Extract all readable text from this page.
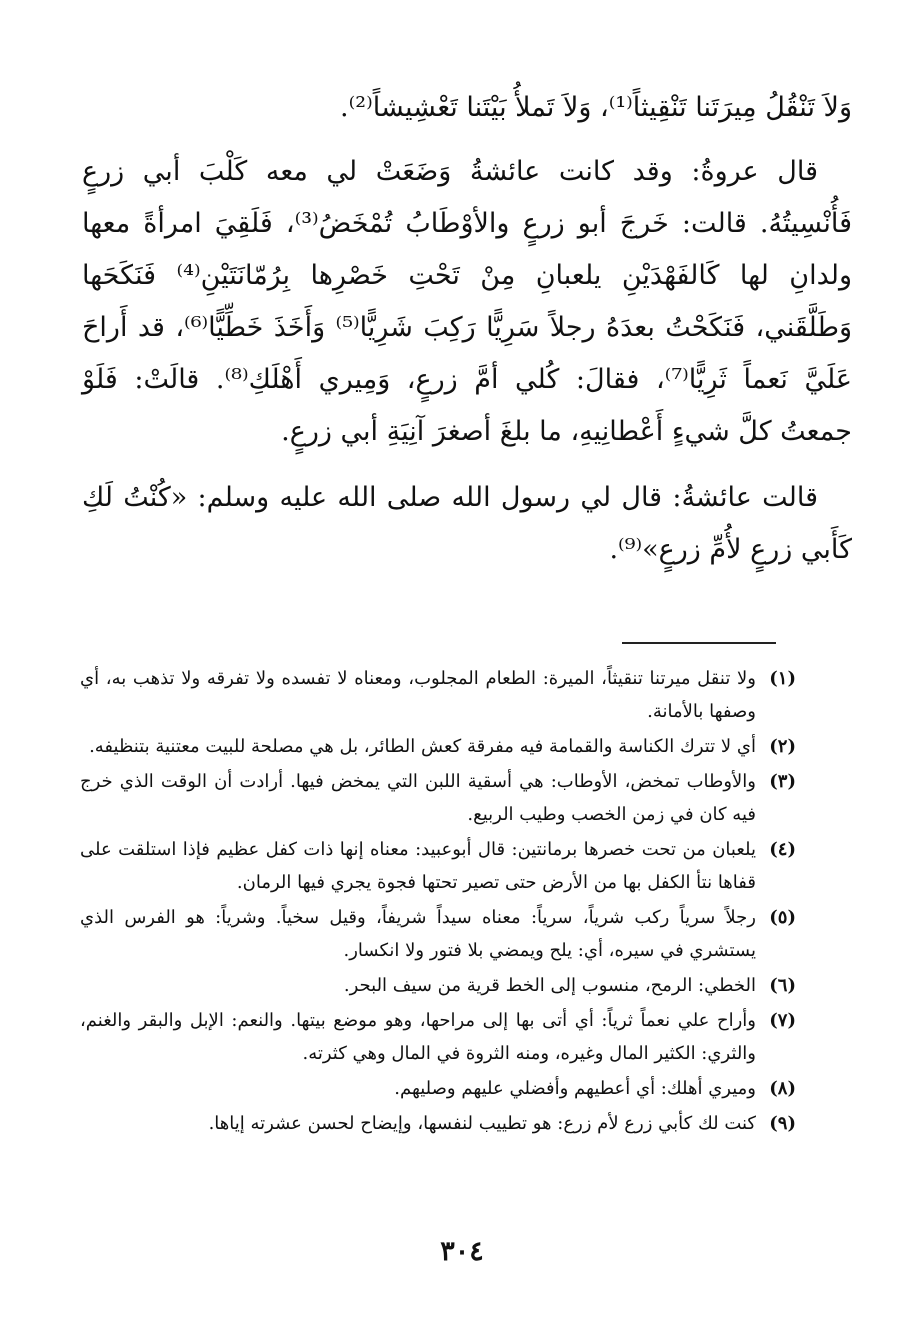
وَلاَ تَنْقُلُ مِيرَتَنا تَنْقِيثاً⁽¹⁾، وَلاَ تَملأُ بَيْتَنا تَعْشِيشاً⁽²⁾.

قال عروةُ: وقد كانت عائشةُ وَضَعَتْ لي معه كَلْبَ أبي زرعٍ فَأُنْسِيتُهُ. قالت: خَرجَ أبو زرعٍ والأوْطَابُ تُمْخَضُ⁽³⁾، فَلَقِيَ امرأةً معها ولدانِ لها كَالفَهْدَيْنِ يلعبانِ مِنْ تَحْتِ خَصْرِها بِرُمّانَتَيْنِ⁽⁴⁾ فَنَكَحَها وَطَلَّقَني، فَنَكَحْتُ بعدَهُ رجلاً سَرِيًّا رَكِبَ شَرِيًّا⁽⁵⁾ وَأَخَذَ خَطِّيًّا⁽⁶⁾، قد أَراحَ عَلَيَّ نَعماً ثَرِيًّا⁽⁷⁾، فقالَ: كُلي أمَّ زرعٍ، وَمِيري أَهْلَكِ⁽⁸⁾. قالَتْ: فَلَوْ جمعتُ كلَّ شيءٍ أَعْطانِيهِ، ما بلغَ أصغرَ آنِيَةِ أبي زرعٍ.

قالت عائشةُ: قال لي رسول الله صلى الله عليه وسلم: «كُنْتُ لَكِ كَأَبي زرعٍ لأُمِّ زرعٍ»⁽⁹⁾.

(١)
ولا تنقل ميرتنا تنقيثاً، الميرة: الطعام المجلوب، ومعناه لا تفسده ولا تفرقه ولا تذهب به، أي وصفها بالأمانة.
(٢)
أي لا تترك الكناسة والقمامة فيه مفرقة كعش الطائر، بل هي مصلحة للبيت معتنية بتنظيفه.
(٣)
والأوطاب تمخض، الأوطاب: هي أسقية اللبن التي يمخض فيها. أرادت أن الوقت الذي خرج فيه كان في زمن الخصب وطيب الربيع.
(٤)
يلعبان من تحت خصرها برمانتين: قال أبوعبيد: معناه إنها ذات كفل عظيم فإذا استلقت على قفاها نتأ الكفل بها من الأرض حتى تصير تحتها فجوة يجري فيها الرمان.
(٥)
رجلاً سرياً ركب شرياً، سرياً: معناه سيداً شريفاً، وقيل سخياً. وشرياً: هو الفرس الذي يستشري في سيره، أي: يلح ويمضي بلا فتور ولا انكسار.
(٦)
الخطي: الرمح، منسوب إلى الخط قرية من سيف البحر.
(٧)
وأراح علي نعماً ثرياً: أي أتى بها إلى مراحها، وهو موضع بيتها. والنعم: الإبل والبقر والغنم، والثري: الكثير المال وغيره، ومنه الثروة في المال وهي كثرته.
(٨)
وميري أهلك: أي أعطيهم وأفضلي عليهم وصليهم.
(٩)
كنت لك كأبي زرع لأم زرع: هو تطييب لنفسها، وإيضاح لحسن عشرته إياها.
٣٠٤
